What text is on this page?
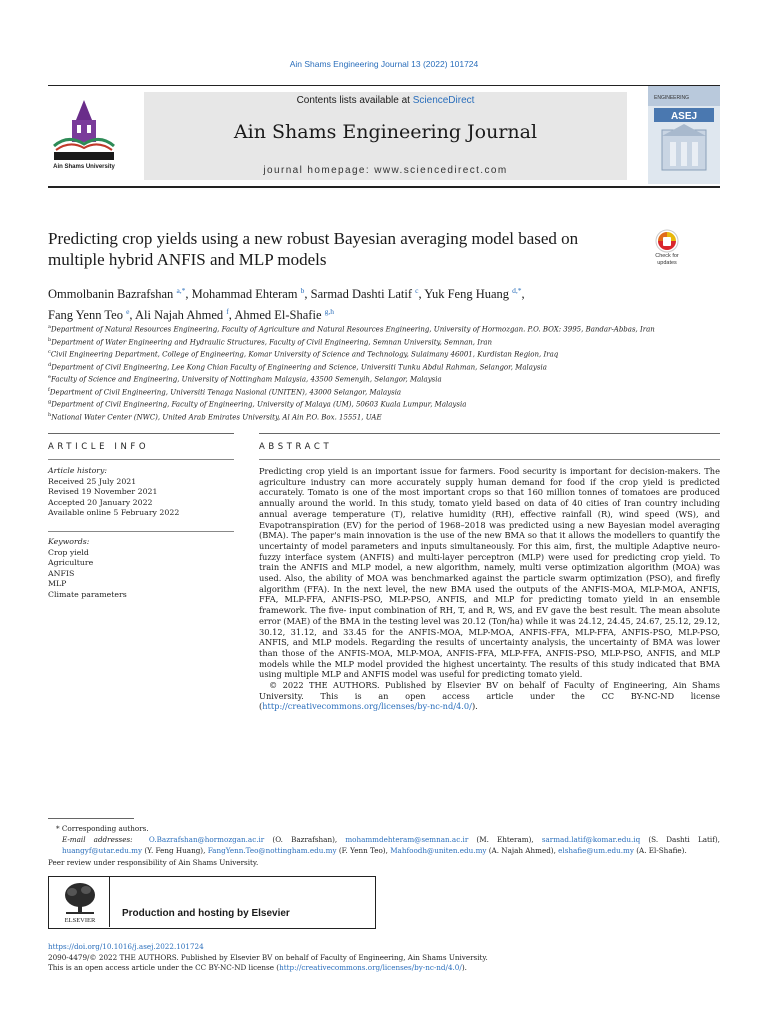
Ain Shams Engineering Journal 13 (2022) 101724
Ain Shams University
Contents lists available at ScienceDirect
Ain Shams Engineering Journal
journal homepage: www.sciencedirect.com
ENGINEERING
ASEJ
Predicting crop yields using a new robust Bayesian averaging model based on multiple hybrid ANFIS and MLP models	Check for
updates
Ommolbanin Bazrafshan $^{a,*}$, Mohammad Ehteram $^b$, Sarmad Dashti Latif $^c$, Yuk Feng Huang $^{d,*}$,
Fang Yenn Teo $^e$, Ali Najah Ahmed $^f$, Ahmed El-Shafie $^{g,h}$
$^a$Department of Natural Resources Engineering, Faculty of Agriculture and Natural Resources Engineering, University of Hormozgan. P.O. BOX: 3995, Bandar-Abbas, Iran
$^b$Department of Water Engineering and Hydraulic Structures, Faculty of Civil Engineering, Semnan University, Semnan, Iran
$^c$Civil Engineering Department, College of Engineering, Komar University of Science and Technology, Sulaimany 46001, Kurdistan Region, Iraq
$^d$Department of Civil Engineering, Lee Kong Chian Faculty of Engineering and Science, Universiti Tunku Abdul Rahman, Selangor, Malaysia
$^e$Faculty of Science and Engineering, University of Nottingham Malaysia, 43500 Semenyih, Selangor, Malaysia
$^f$Department of Civil Engineering, Universiti Tenaga Nasional (UNITEN), 43000 Selangor, Malaysia
$^g$Department of Civil Engineering, Faculty of Engineering, University of Malaya (UM), 50603 Kuala Lumpur, Malaysia
$^h$National Water Center (NWC), United Arab Emirates University, Al Ain P.O. Box. 15551, UAE
ARTICLE INFO	ABSTRACT
Article history:
Received 25 July 2021
Revised 19 November 2021
Accepted 20 January 2022
Available online 5 February 2022
Keywords:
Crop yield
Agriculture
ANFIS
MLP
Climate parameters

Predicting crop yield is an important issue for farmers. Food security is important for decision-makers. The agriculture industry can more accurately supply human demand for food if the crop yield is predicted accurately. Tomato is one of the most important crops so that 160 million tonnes of tomatoes are produced annually around the world. In this study, tomato yield based on data of 40 cities of Iran country including annual average temperature (T), relative humidity (RH), effective rainfall (R), wind speed (WS), and Evapotranspiration (EV) for the period of 1968–2018 was predicted using a new Bayesian model averaging (BMA). The paper's main innovation is the use of the new BMA so that it allows the modellers to quantify the uncertainty of model parameters and inputs simultaneously. For this aim, first, the multiple Adaptive neuro-fuzzy interface system (ANFIS) and multi-layer perceptron (MLP) were used for predicting crop yield. To train the ANFIS and MLP model, a new algorithm, namely, multi verse optimization algorithm (MOA) was used. Also, the ability of MOA was benchmarked against the particle swarm optimization (PSO), and firefly algorithm (FFA). In the next level, the new BMA used the outputs of the ANFIS-MOA, MLP-MOA, ANFIS, FFA, MLP-FFA, ANFIS-PSO, MLP-PSO, ANFIS, and MLP for predicting tomato yield in an ensemble framework. The five- input combination of RH, T, and R, WS, and EV gave the best result. The mean absolute error (MAE) of the BMA in the testing level was 20.12 (Ton/ha) while it was 24.12, 24.45, 24.67, 25.12, 29.12, 30.12, 31.12, and 33.45 for the ANFIS-MOA, MLP-MOA, ANFIS-FFA, MLP-FFA, ANFIS-PSO, MLP-PSO, ANFIS, and MLP models. Regarding the results of uncertainty analysis, the uncertainty of BMA was lower than those of the ANFIS-MOA, MLP-MOA, ANFIS-FFA, MLP-FFA, ANFIS-PSO, MLP-PSO, ANFIS, and MLP models while the MLP model provided the highest uncertainty. The results of this study indicated that BMA using multiple MLP and ANFIS model was useful for predicting tomato yield.

© 2022 THE AUTHORS. Published by Elsevier BV on behalf of Faculty of Engineering, Ain Shams University. This is an open access article under the CC BY-NC-ND license (http://creativecommons.org/licenses/by-nc-nd/4.0/).

* Corresponding authors.
E-mail addresses: O.Bazrafshan@hormozgan.ac.ir (O. Bazrafshan), mohammdehteram@semnan.ac.ir (M. Ehteram), sarmad.latif@komar.edu.iq (S. Dashti Latif), huangyf@utar.edu.my (Y. Feng Huang), FangYenn.Teo@nottingham.edu.my (F. Yenn Teo), Mahfoodh@uniten.edu.my (A. Najah Ahmed), elshafie@um.edu.my (A. El-Shafie).
Peer review under responsibility of Ain Shams University.
ELSEVIER
Production and hosting by Elsevier
https://doi.org/10.1016/j.asej.2022.101724
2090-4479/© 2022 THE AUTHORS. Published by Elsevier BV on behalf of Faculty of Engineering, Ain Shams University.
This is an open access article under the CC BY-NC-ND license (http://creativecommons.org/licenses/by-nc-nd/4.0/).
